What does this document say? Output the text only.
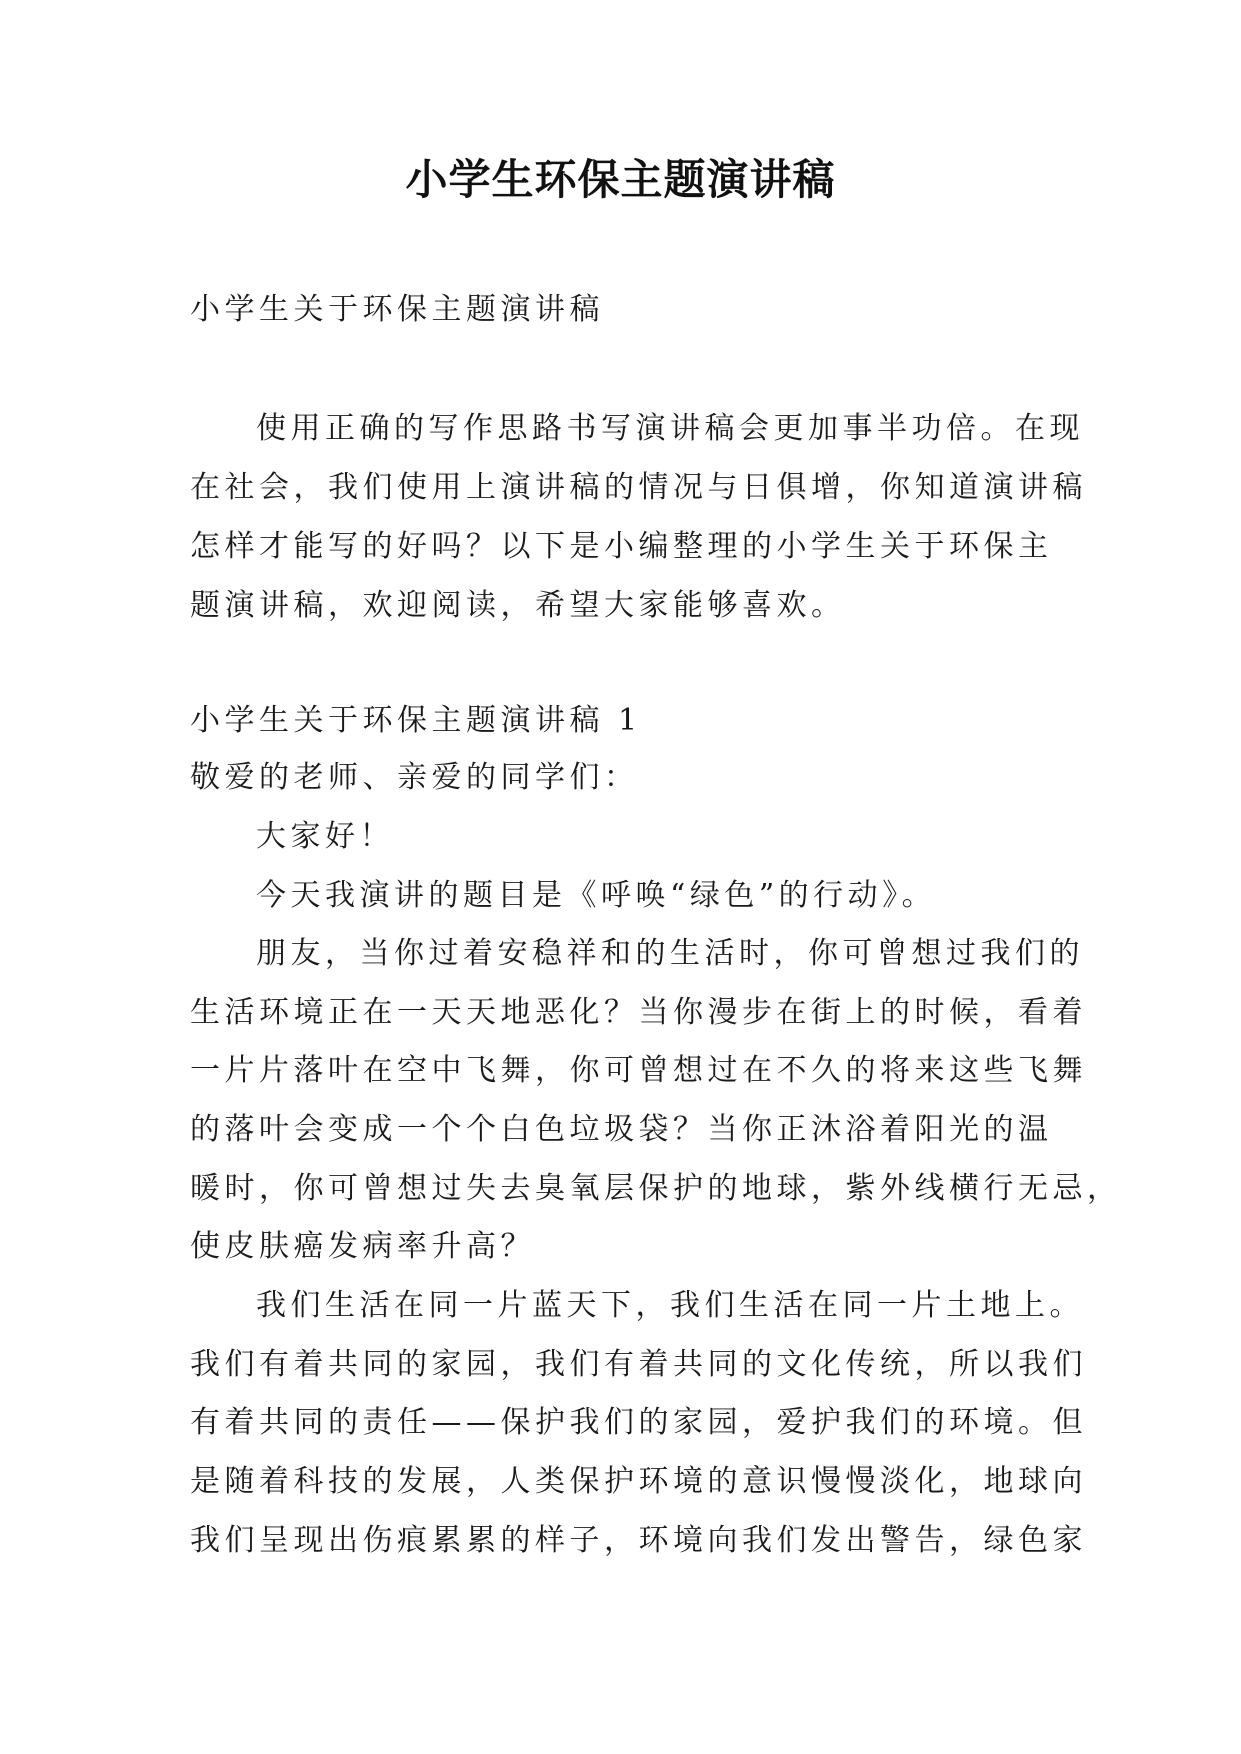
小学生环保主题演讲稿
小学生关于环保主题演讲稿
使用正确的写作思路书写演讲稿会更加事半功倍。在现
在社会，我们使用上演讲稿的情况与日俱增，你知道演讲稿
怎样才能写的好吗？以下是小编整理的小学生关于环保主
题演讲稿，欢迎阅读，希望大家能够喜欢。
小学生关于环保主题演讲稿 1
敬爱的老师、亲爱的同学们：
大家好！
今天我演讲的题目是《呼唤“绿色”的行动》。
朋友，当你过着安稳祥和的生活时，你可曾想过我们的
生活环境正在一天天地恶化？当你漫步在街上的时候，看着
一片片落叶在空中飞舞，你可曾想过在不久的将来这些飞舞
的落叶会变成一个个白色垃圾袋？当你正沐浴着阳光的温
暖时，你可曾想过失去臭氧层保护的地球，紫外线横行无忌，
使皮肤癌发病率升高？
我们生活在同一片蓝天下，我们生活在同一片土地上。
我们有着共同的家园，我们有着共同的文化传统，所以我们
有着共同的责任——保护我们的家园，爱护我们的环境。但
是随着科技的发展，人类保护环境的意识慢慢淡化，地球向
我们呈现出伤痕累累的样子，环境向我们发出警告，绿色家
